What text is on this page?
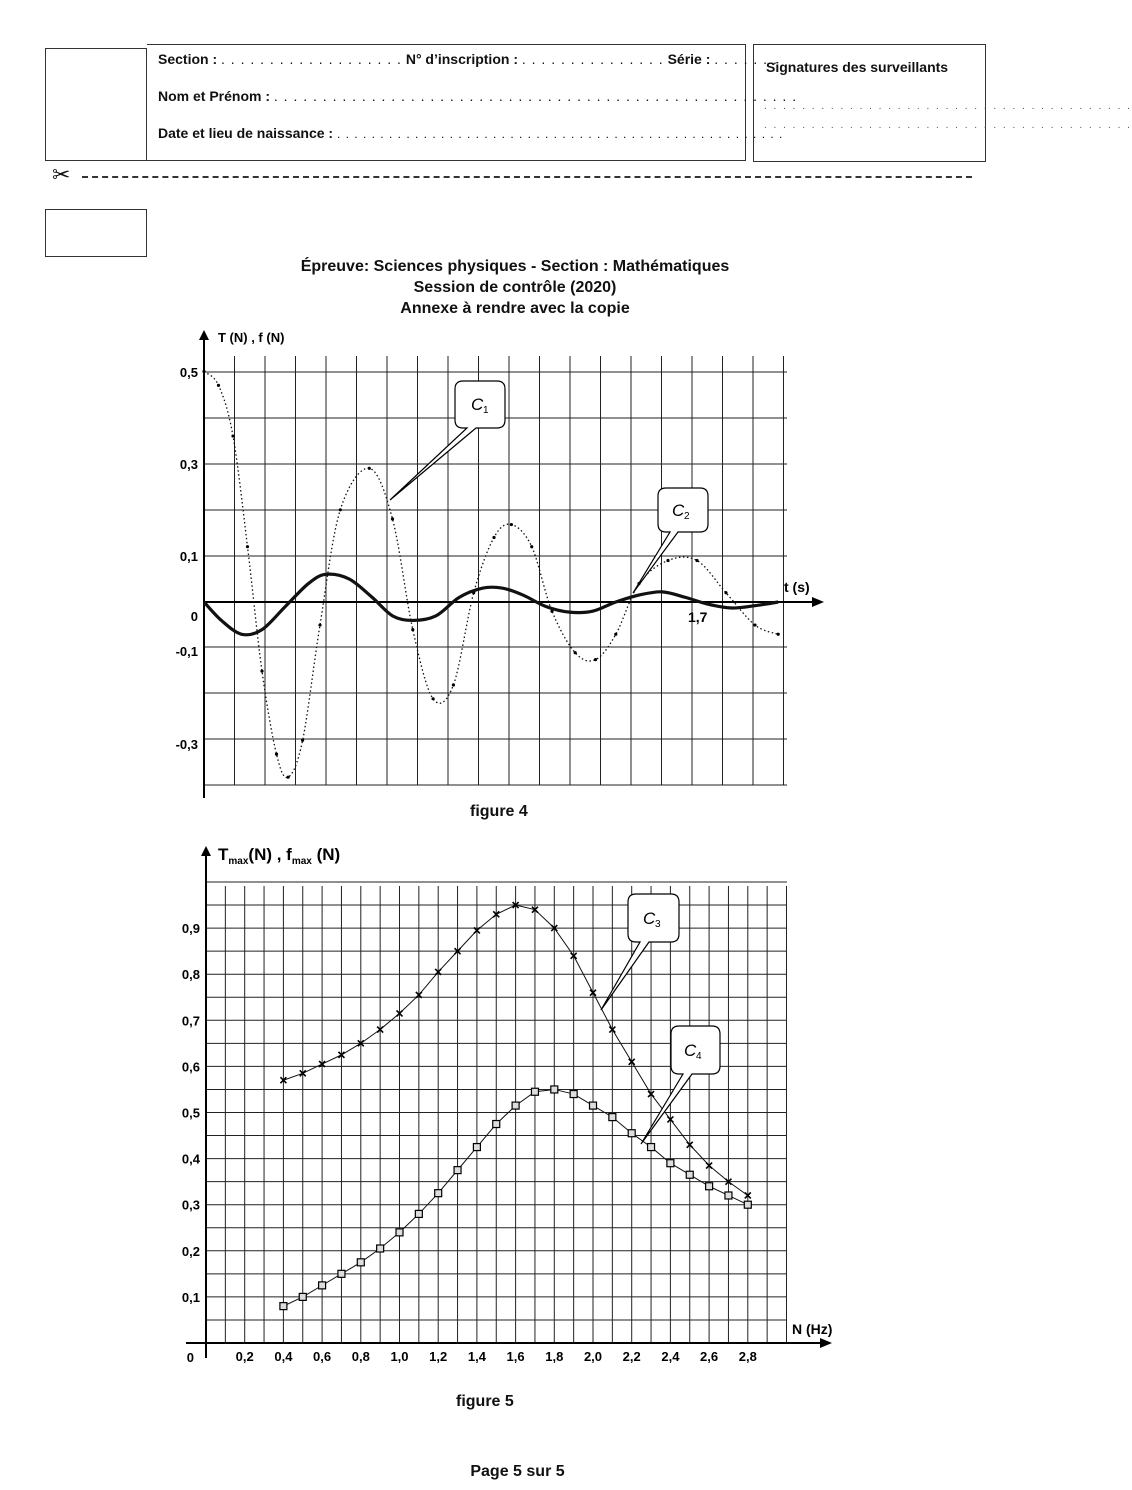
Section : . . . . . . . . . . . . . . . . . . . N° d’inscription : . . . . . . . . . . . . . . . Série : . . . . . . .
Nom et Prénom : . . . . . . . . . . . . . . . . . . . . . . . . . . . . . . . . . . . . . . . . . . . . . . . . . . . . . .
Date et lieu de naissance : . . . . . . . . . . . . . . . . . . . . . . . . . . . . . . . . . . . . . . . . . . . . . . . . . . . .
Signatures des surveillants
. . . . . . . . . . . . . . . . . . . . . . . . . . . . . . . . . . . . . . .
. . . . . . . . . . . . . . . . . . . . . . . . . . . . . . . . . . . . . . .
✂
Épreuve: Sciences physiques - Section : Mathématiques
Session de contrôle (2020)
Annexe à rendre avec la copie
T (N) , f (N)
t (s)
0,5
0,3
0,1
0
-0,1
-0,3
1,7
C 1
C 2
figure 4
$T_{max}(N)$ , $f_{max}$ (N)
N (Hz)
0,1
0,2
0,3
0,4
0,5
0,6
0,7
0,8
0,9
0	0,2 0,4 0,6 0,8 1,0 1,2 1,4 1,6 1,8 2,0 2,2 2,4 2,6 2,8
C 3
C 4
figure 5
Page 5 sur 5
